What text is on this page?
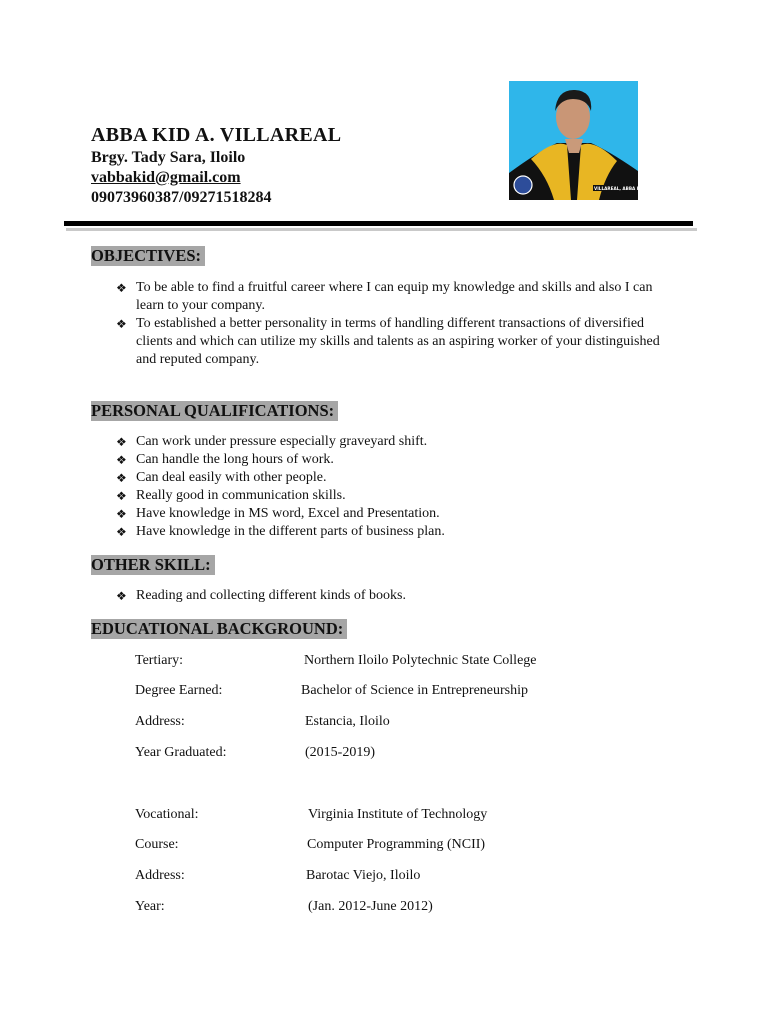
ABBA KID A. VILLAREAL
Brgy. Tady Sara, Iloilo
vabbakid@gmail.com
09073960387/09271518284
VILLAREAL, ABBA KID A.
OBJECTIVES:
❖ To be able to find a fruitful career where I can equip my knowledge and skills and also I can learn to your company.
❖ To established a better personality in terms of handling different transactions of diversified clients and which can utilize my skills and talents as an aspiring worker of your distinguished and reputed company.
PERSONAL QUALIFICATIONS:
❖ Can work under pressure especially graveyard shift.
❖ Can handle the long hours of work.
❖ Can deal easily with other people.
❖ Really good in communication skills.
❖ Have knowledge in MS word, Excel and Presentation.
❖ Have knowledge in the different parts of business plan.
OTHER SKILL:
❖ Reading and collecting different kinds of books.
EDUCATIONAL BACKGROUND:
Tertiary:	Northern Iloilo Polytechnic State College
Degree Earned:	Bachelor of Science in Entrepreneurship
Address:	Estancia, Iloilo
Year Graduated:	(2015-2019)
Vocational:	Virginia Institute of Technology
Course:	Computer Programming (NCII)
Address:	Barotac Viejo, Iloilo
Year:	(Jan. 2012-June 2012)
